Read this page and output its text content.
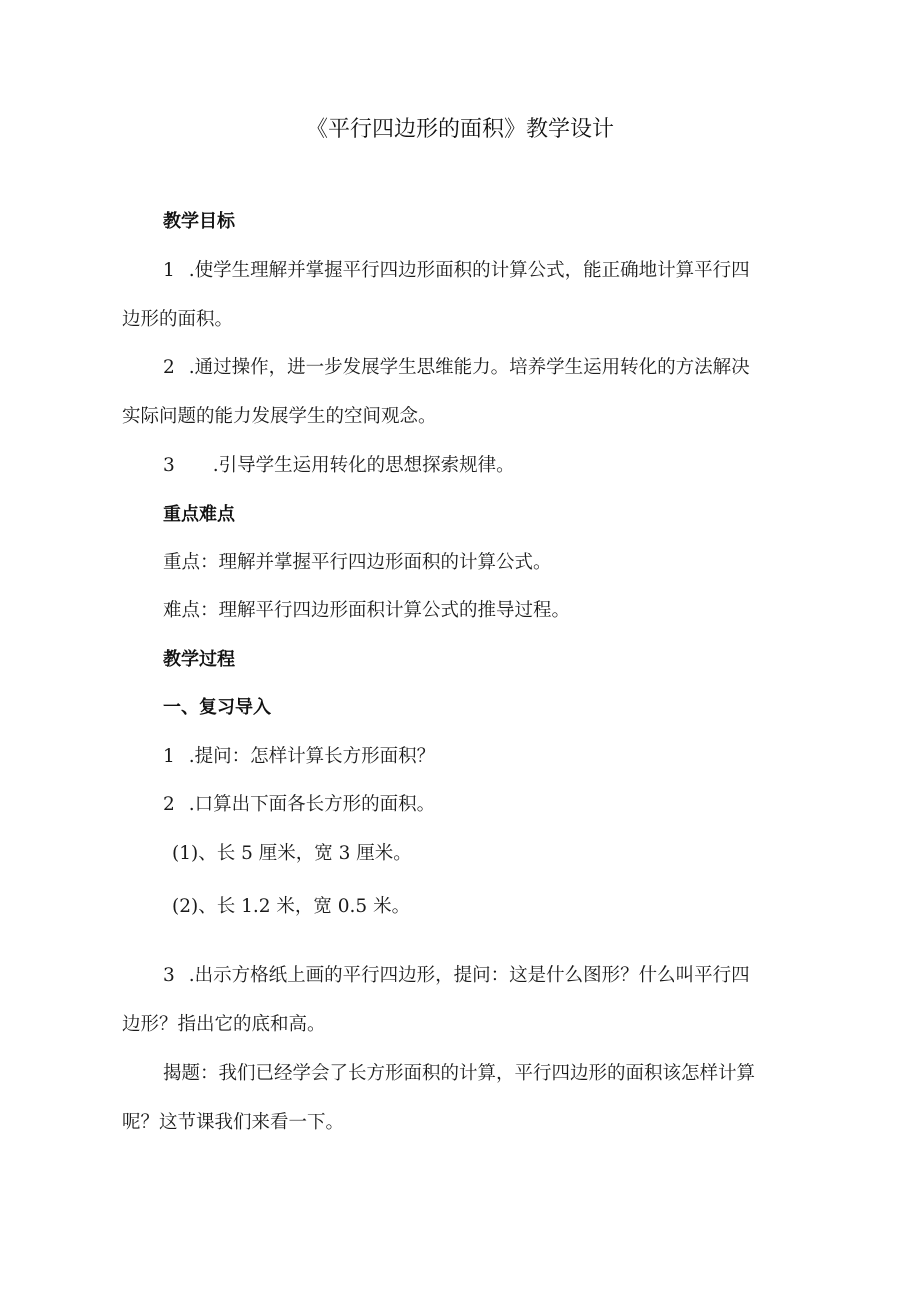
《平行四边形的面积》教学设计
教学目标
1 .使学生理解并掌握平行四边形面积的计算公式，能正确地计算平行四
边形的面积。
2 .通过操作，进一步发展学生思维能力。培养学生运用转化的方法解决
实际问题的能力发展学生的空间观念。
3 .引导学生运用转化的思想探索规律。
重点难点
重点：理解并掌握平行四边形面积的计算公式。
难点：理解平行四边形面积计算公式的推导过程。
教学过程
一、复习导入
1 .提问：怎样计算长方形面积？
2 .口算出下面各长方形的面积。
(1)、长 5 厘米，宽 3 厘米。
(2)、长 1.2 米，宽 0.5 米。
3 .出示方格纸上画的平行四边形，提问：这是什么图形？什么叫平行四
边形？指出它的底和高。
揭题：我们已经学会了长方形面积的计算，平行四边形的面积该怎样计算
呢？这节课我们来看一下。
